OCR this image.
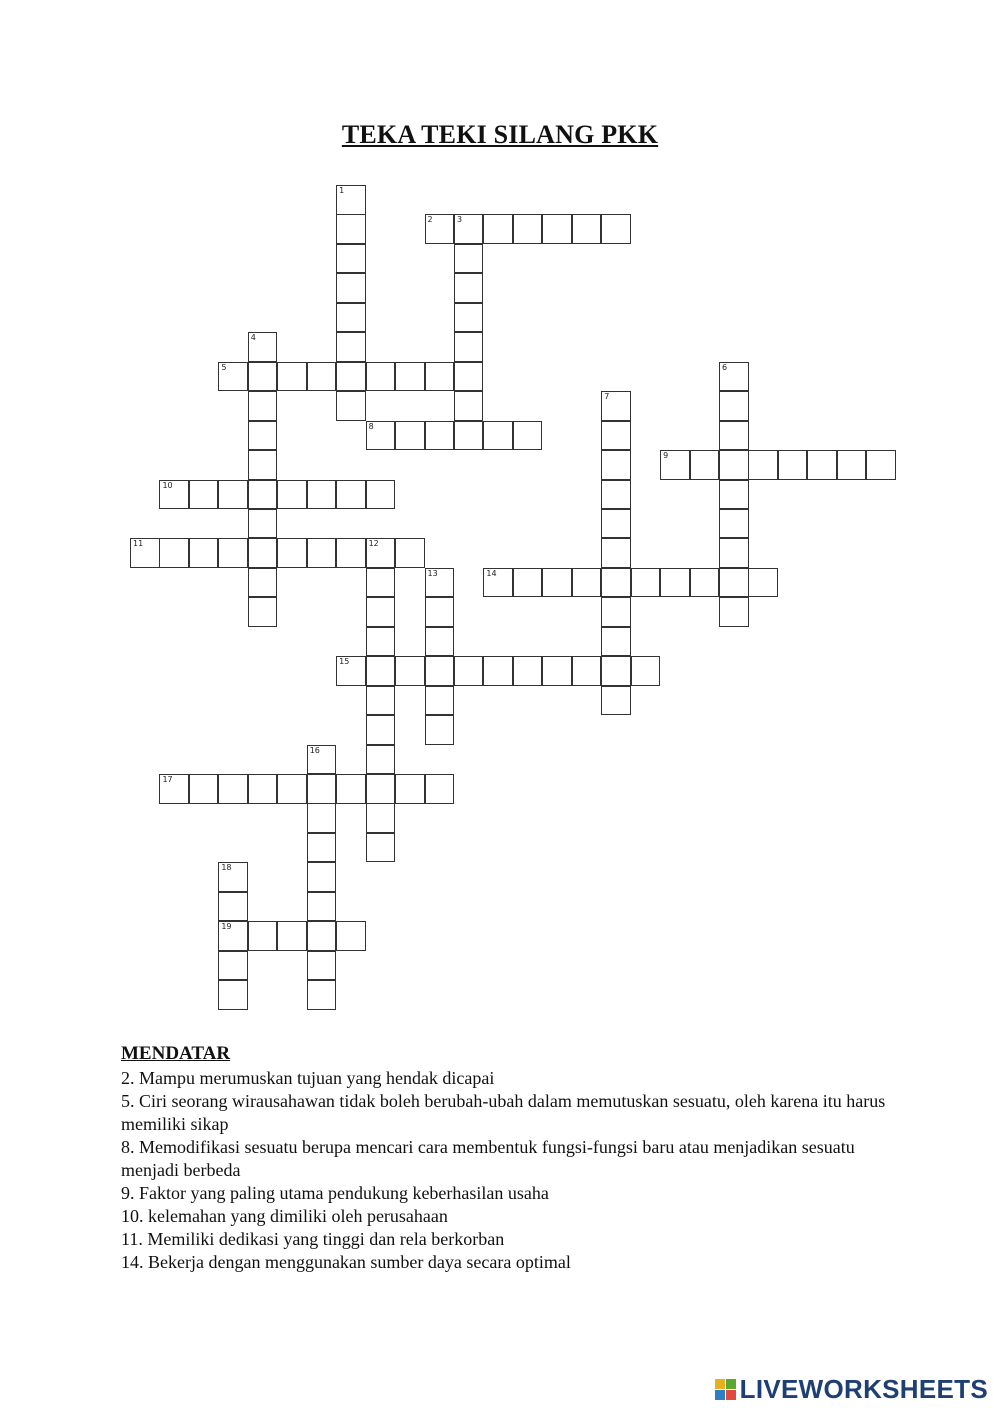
TEKA TEKI SILANG PKK
1
2	3
4
5	6
7
8
9
10
11	12
13	14
15
16
17
18
19
MENDATAR

2. Mampu merumuskan tujuan yang hendak dicapai

5. Ciri seorang wirausahawan tidak boleh berubah-ubah dalam memutuskan sesuatu, oleh karena itu harus memiliki sikap

8. Memodifikasi sesuatu berupa mencari cara membentuk fungsi-fungsi baru atau menjadikan sesuatu menjadi berbeda

9. Faktor yang paling utama pendukung keberhasilan usaha

10. kelemahan yang dimiliki oleh perusahaan

11. Memiliki dedikasi yang tinggi dan rela berkorban

14. Bekerja dengan menggunakan sumber daya secara optimal

LIVEWORKSHEETS
